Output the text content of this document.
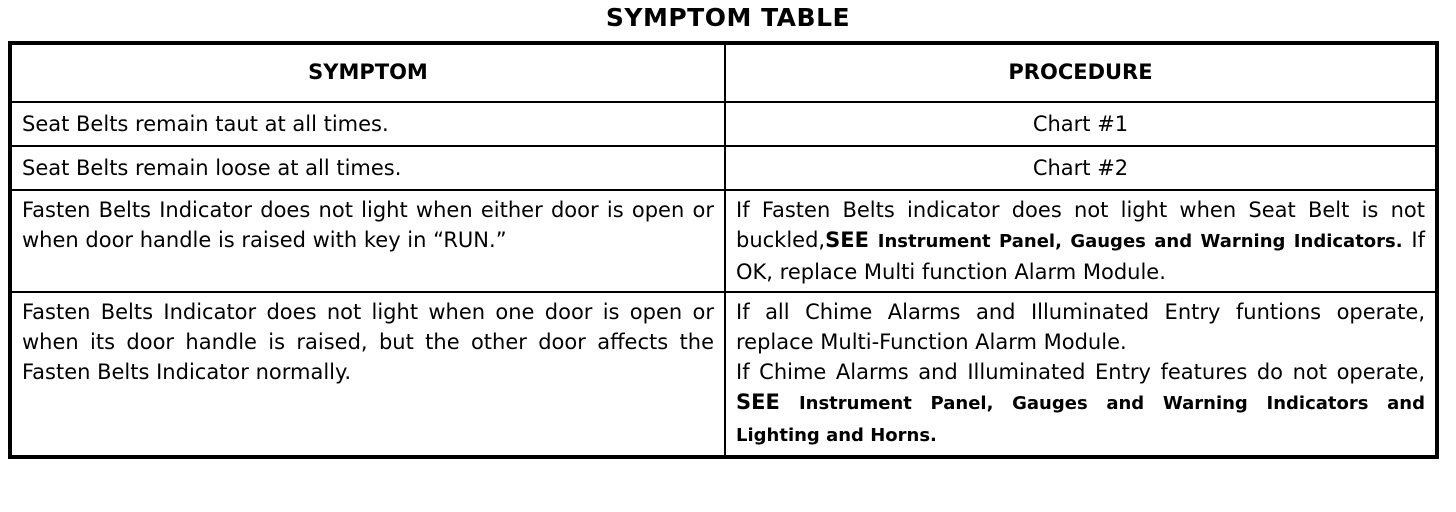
SYMPTOM TABLE
SYMPTOM	PROCEDURE
Seat Belts remain taut at all times.	Chart #1
Seat Belts remain loose at all times.	Chart #2
Fasten Belts Indicator does not light when either door is open or when door handle is raised with key in “RUN.”	If Fasten Belts indicator does not light when Seat Belt is not buckled,SEE Instrument Panel, Gauges and Warning Indicators. If OK, replace Multi function Alarm Module.
Fasten Belts Indicator does not light when one door is open or when its door handle is raised, but the other door affects the Fasten Belts Indicator normally.	If all Chime Alarms and Illuminated Entry funtions operate, replace Multi-Function Alarm Module.
If Chime Alarms and Illuminated Entry features do not operate, SEE Instrument Panel, Gauges and Warning Indicators and Lighting and Horns.
